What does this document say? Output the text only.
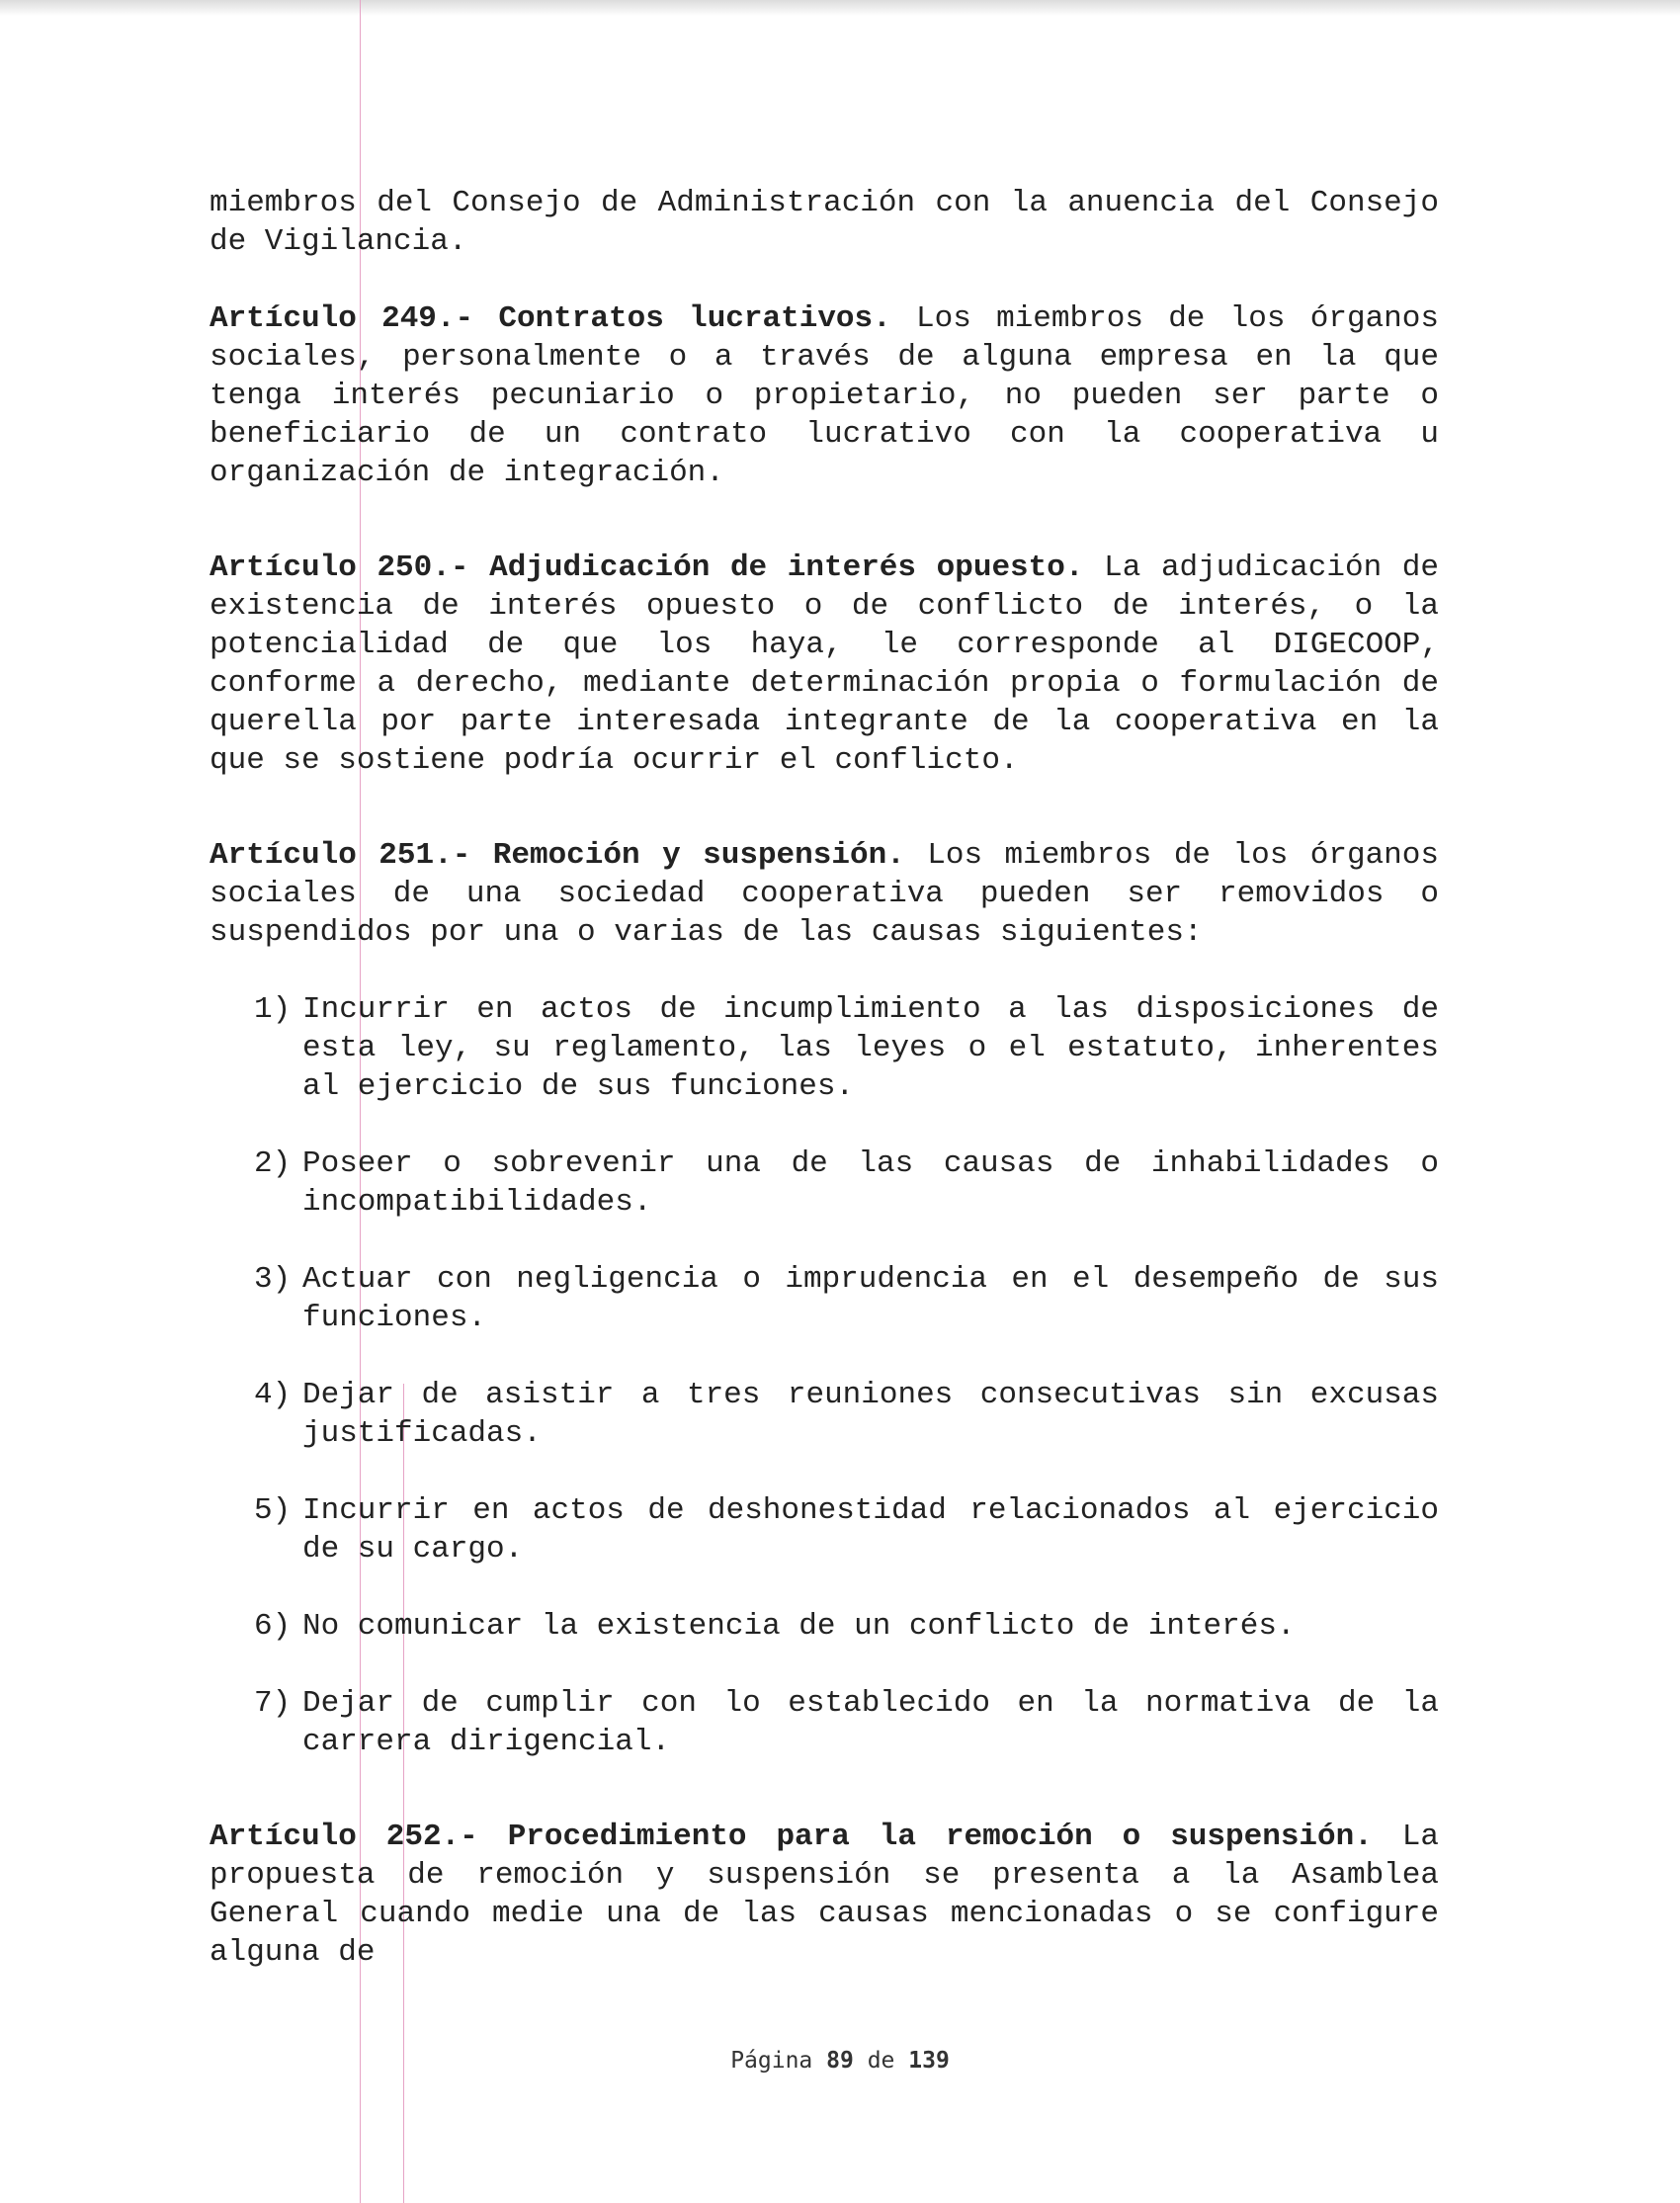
miembros del Consejo de Administración con la anuencia del Consejo de Vigilancia.

Artículo 249.- Contratos lucrativos. Los miembros de los órganos sociales, personalmente o a través de alguna empresa en la que tenga interés pecuniario o propietario, no pueden ser parte o beneficiario de un contrato lucrativo con la cooperativa u organización de integración.

Artículo 250.- Adjudicación de interés opuesto. La adjudicación de existencia de interés opuesto o de conflicto de interés, o la potencialidad de que los haya, le corresponde al DIGECOOP, conforme a derecho, mediante determinación propia o formulación de querella por parte interesada integrante de la cooperativa en la que se sostiene podría ocurrir el conflicto.

Artículo 251.- Remoción y suspensión. Los miembros de los órganos sociales de una sociedad cooperativa pueden ser removidos o suspendidos por una o varias de las causas siguientes:

1) Incurrir en actos de incumplimiento a las disposiciones de esta ley, su reglamento, las leyes o el estatuto, inherentes al ejercicio de sus funciones.
2) Poseer o sobrevenir una de las causas de inhabilidades o incompatibilidades.
3) Actuar con negligencia o imprudencia en el desempeño de sus funciones.
4) Dejar de asistir a tres reuniones consecutivas sin excusas justificadas.
5) Incurrir en actos de deshonestidad relacionados al ejercicio de su cargo.
6) No comunicar la existencia de un conflicto de interés.
7) Dejar de cumplir con lo establecido en la normativa de la carrera dirigencial.

Artículo 252.- Procedimiento para la remoción o suspensión. La propuesta de remoción y suspensión se presenta a la Asamblea General cuando medie una de las causas mencionadas o se configure alguna de

Página 89 de 139
